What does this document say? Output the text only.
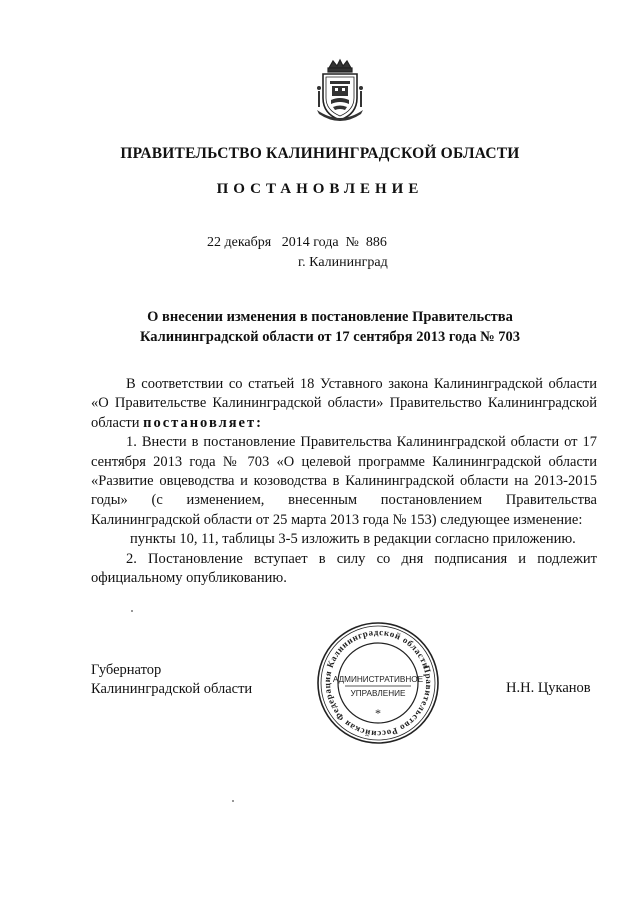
ПРАВИТЕЛЬСТВО КАЛИНИНГРАДСКОЙ ОБЛАСТИ
ПОСТАНОВЛЕНИЕ
22 декабря   2014 года  №  886
г. Калининград
О внесении изменения в постановление Правительства
Калининградской области от 17 сентября 2013 года № 703

В соответствии со статьей 18 Уставного закона Калининградской области «О Правительстве Калининградской области» Правительство Калининградской области постановляет:

1. Внести в постановление Правительства Калининградской области от 17 сентября 2013 года № 703 «О целевой программе Калининградской области «Развитие овцеводства и козоводства в Калининградской области на 2013-2015 годы» (с изменением, внесенным постановлением Правительства Калининградской области от 25 марта 2013 года № 153) следующее изменение:

пункты 10, 11, таблицы 3-5 изложить в редакции согласно приложению.

2. Постановление вступает в силу со дня подписания и подлежит официальному опубликованию.

Губернатор
Калининградской области	Н.Н. Цуканов
Правительство Российская Федерация Калининградской области
АДМИНИСТРАТИВНОЕ
УПРАВЛЕНИЕ
*
